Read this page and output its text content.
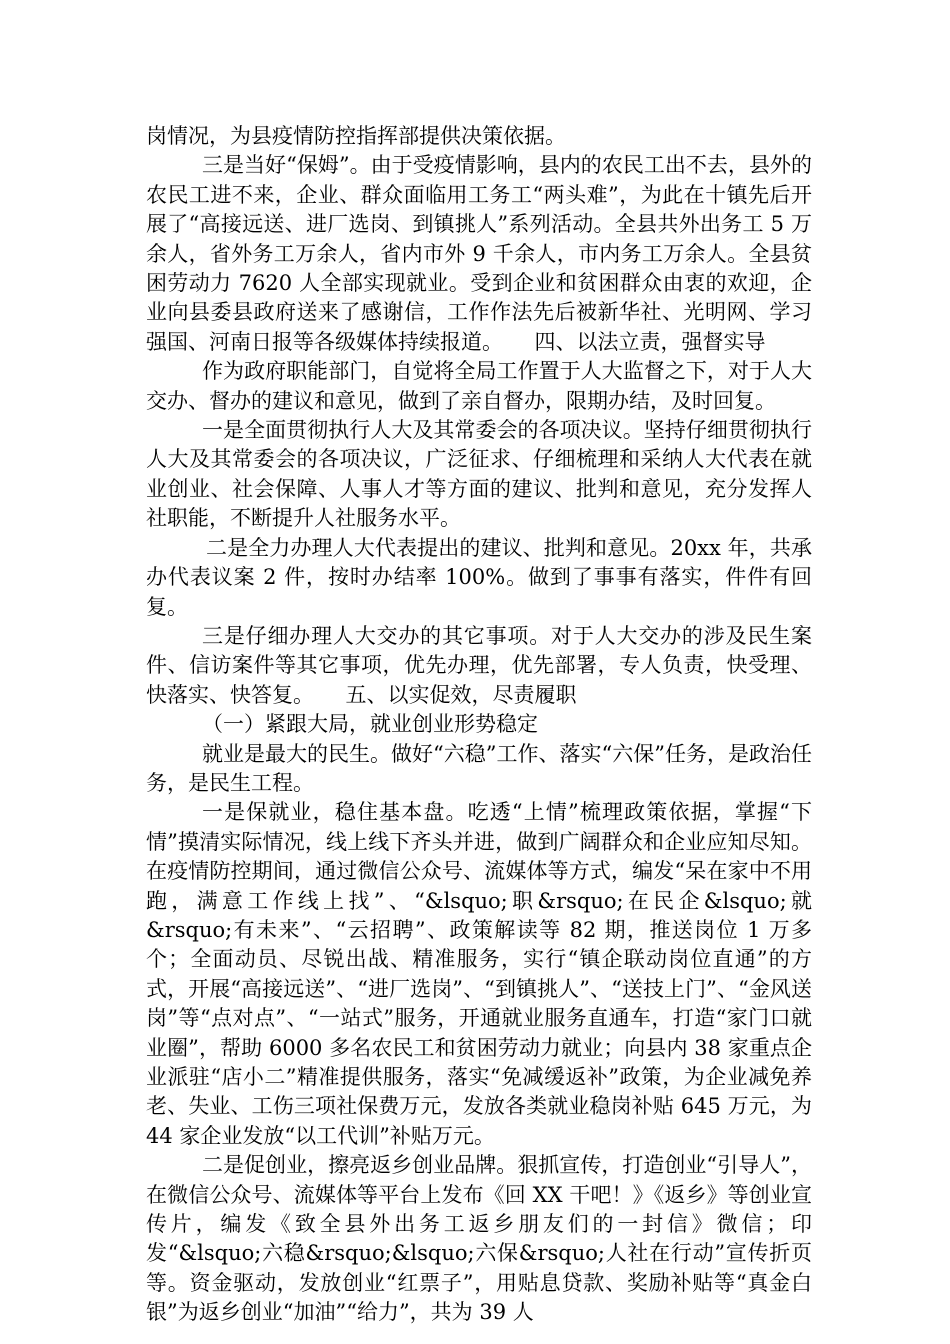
岗情况，为县疫情防控指挥部提供决策依据。

三是当好“保姆”。由于受疫情影响，县内的农民工出不去，县外的农民工进不来，企业、群众面临用工务工“两头难”，为此在十镇先后开展了“高接远送、进厂选岗、到镇挑人”系列活动。全县共外出务工 5 万余人，省外务工万余人，省内市外 9 千余人，市内务工万余人。全县贫困劳动力 7620 人全部实现就业。受到企业和贫困群众由衷的欢迎，企业向县委县政府送来了感谢信，工作作法先后被新华社、光明网、学习强国、河南日报等各级媒体持续报道。　　四、以法立责，强督实导

作为政府职能部门，自觉将全局工作置于人大监督之下，对于人大交办、督办的建议和意见，做到了亲自督办，限期办结，及时回复。

一是全面贯彻执行人大及其常委会的各项决议。坚持仔细贯彻执行人大及其常委会的各项决议，广泛征求、仔细梳理和采纳人大代表在就业创业、社会保障、人事人才等方面的建议、批判和意见，充分发挥人社职能，不断提升人社服务水平。

二是全力办理人大代表提出的建议、批判和意见。20xx 年，共承办代表议案 2 件，按时办结率 100%。做到了事事有落实，件件有回复。

三是仔细办理人大交办的其它事项。对于人大交办的涉及民生案件、信访案件等其它事项，优先办理，优先部署，专人负责，快受理、快落实、快答复。　　五、以实促效，尽责履职

（一）紧跟大局，就业创业形势稳定

就业是最大的民生。做好“六稳”工作、落实“六保”任务，是政治任务，是民生工程。

一是保就业，稳住基本盘。吃透“上情”梳理政策依据，掌握“下情”摸清实际情况，线上线下齐头并进，做到广阔群众和企业应知尽知。在疫情防控期间，通过微信公众号、流媒体等方式，编发“呆在家中不用跑，满意工作线上找”、“&lsquo;职&rsquo;在民企&lsquo;就&rsquo;有未来”、“云招聘”、政策解读等 82 期，推送岗位 1 万多个；全面动员、尽锐出战、精准服务，实行“镇企联动岗位直通”的方式，开展“高接远送”、“进厂选岗”、“到镇挑人”、“送技上门”、“金风送岗”等“点对点”、“一站式”服务，开通就业服务直通车，打造“家门口就业圈”，帮助 6000 多名农民工和贫困劳动力就业；向县内 38 家重点企业派驻“店小二”精准提供服务，落实“免减缓返补”政策，为企业减免养老、失业、工伤三项社保费万元，发放各类就业稳岗补贴 645 万元，为 44 家企业发放“以工代训”补贴万元。

二是促创业，擦亮返乡创业品牌。狠抓宣传，打造创业“引导人”，在微信公众号、流媒体等平台上发布《回 XX 干吧！》《返乡》等创业宣传片，编发《致全县外出务工返乡朋友们的一封信》微信；印发“&lsquo;六稳&rsquo;&lsquo;六保&rsquo;人社在行动”宣传折页等。资金驱动，发放创业“红票子”，用贴息贷款、奖励补贴等“真金白银”为返乡创业“加油”“给力”，共为 39 人
